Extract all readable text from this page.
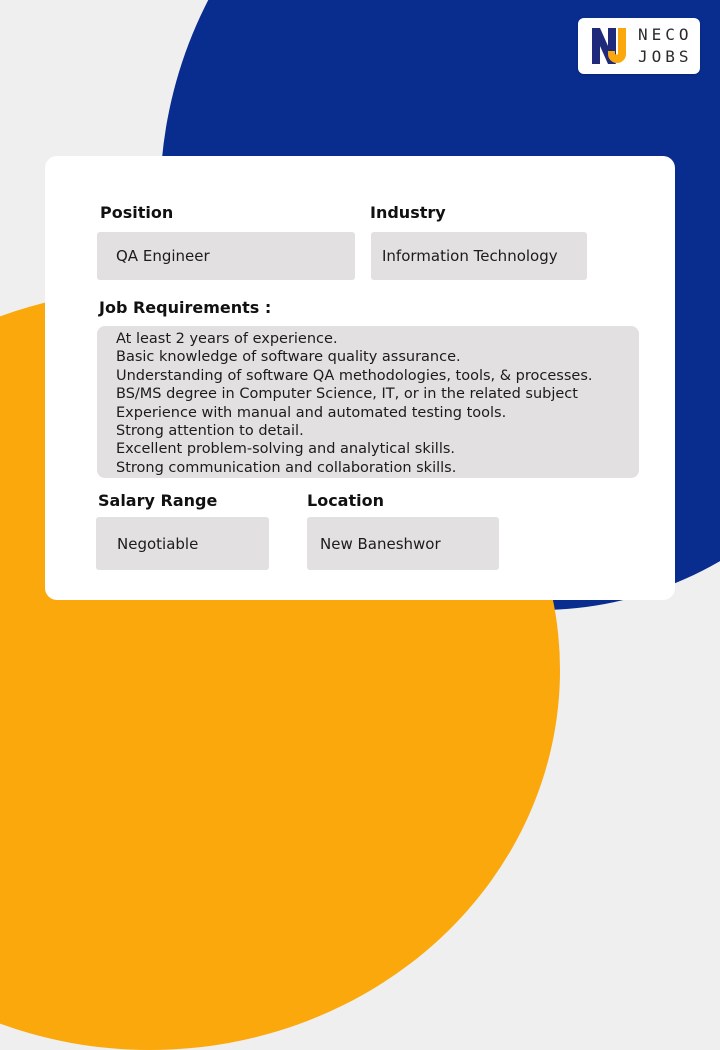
NECO
JOBS
Position
QA Engineer
Industry
Information Technology
Job Requirements :
At least 2 years of experience.
Basic knowledge of software quality assurance.
Understanding of software QA methodologies, tools, & processes.
BS/MS degree in Computer Science, IT, or in the related subject
Experience with manual and automated testing tools.
Strong attention to detail.
Excellent problem-solving and analytical skills.
Strong communication and collaboration skills.
Salary Range
Negotiable
Location
New Baneshwor
